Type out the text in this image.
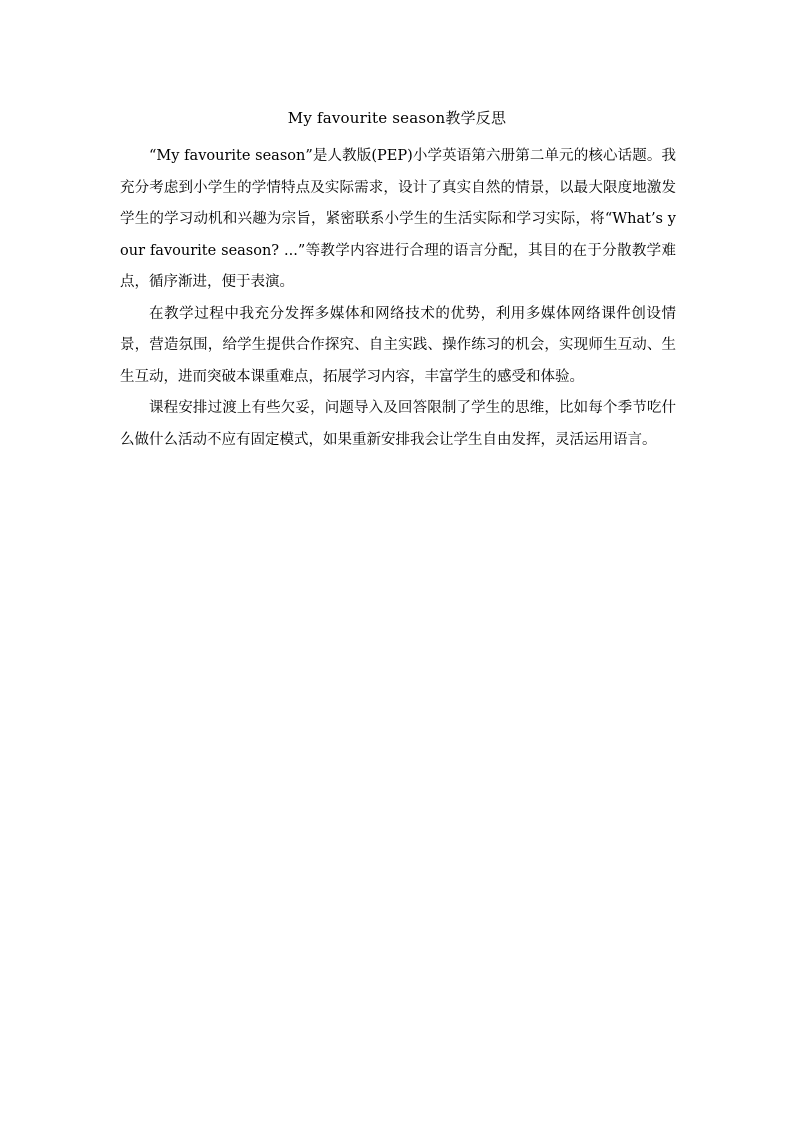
My favourite season教学反思

“My favourite season”是人教版(PEP)小学英语第六册第二单元的核心话题。我充分考虑到小学生的学情特点及实际需求，设计了真实自然的情景，以最大限度地激发学生的学习动机和兴趣为宗旨，紧密联系小学生的生活实际和学习实际，将“What’s your favourite season? ...”等教学内容进行合理的语言分配，其目的在于分散教学难点，循序渐进，便于表演。

在教学过程中我充分发挥多媒体和网络技术的优势，利用多媒体网络课件创设情景，营造氛围，给学生提供合作探究、自主实践、操作练习的机会，实现师生互动、生生互动，进而突破本课重难点，拓展学习内容，丰富学生的感受和体验。

课程安排过渡上有些欠妥，问题导入及回答限制了学生的思维，比如每个季节吃什么做什么活动不应有固定模式，如果重新安排我会让学生自由发挥，灵活运用语言。
